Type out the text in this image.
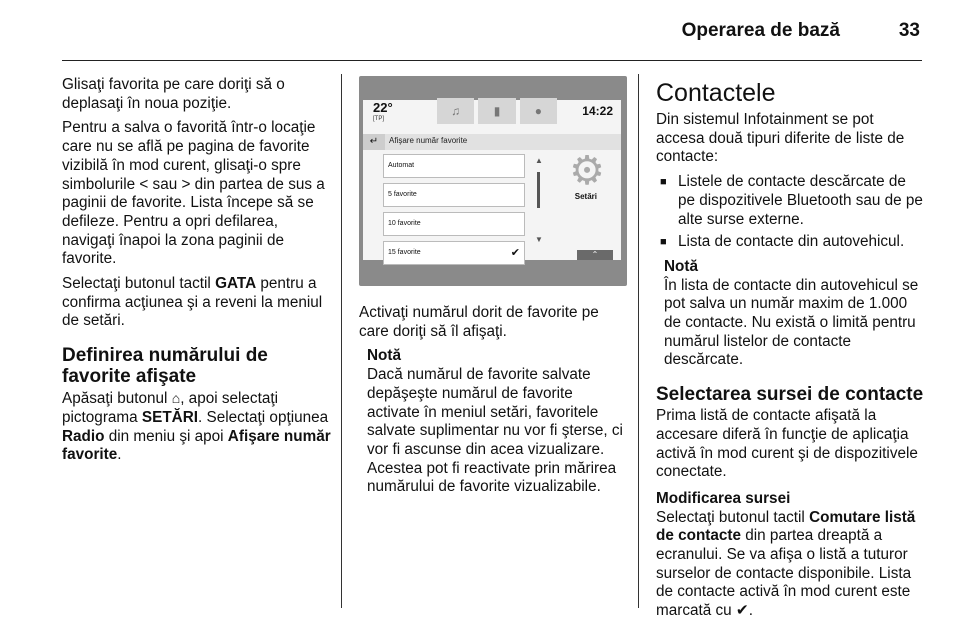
Operarea de bază	33

Glisaţi favorita pe care doriţi să o deplasaţi în noua poziţie.

Pentru a salva o favorită într-o locaţie care nu se află pe pagina de favorite vizibilă în mod curent, glisaţi-o spre simbolurile < sau > din partea de sus a paginii de favorite. Lista începe să se defileze. Pentru a opri defilarea, navigaţi înapoi la zona paginii de favorite.

Selectaţi butonul tactil GATA pentru a confirma acţiunea şi a reveni la meniul de setări.

Definirea numărului de favorite afişate

Apăsaţi butonul ⌂, apoi selectaţi pictograma SETĂRI. Selectaţi opţiunea Radio din meniu şi apoi Afişare număr favorite.

22°
[TP]
14:22
♫	▮	●
↵	Afişare număr favorite
Automat
5 favorite
10 favorite
15 favorite	✔
▲
▼
⚙
Setări
⌃

Activaţi numărul dorit de favorite pe care doriţi să îl afişaţi.

Notă
Dacă numărul de favorite salvate depăşeşte numărul de favorite activate în meniul setări, favoritele salvate suplimentar nu vor fi şterse, ci vor fi ascunse din acea vizualizare. Acestea pot fi reactivate prin mărirea numărului de favorite vizualizabile.
Contactele

Din sistemul Infotainment se pot accesa două tipuri diferite de liste de contacte:

■ Listele de contacte descărcate de pe dispozitivele Bluetooth sau de pe alte surse externe.
■ Lista de contacte din autovehicul.
Notă
În lista de contacte din autovehicul se pot salva un număr maxim de 1.000 de contacte. Nu există o limită pentru numărul listelor de contacte descărcate.
Selectarea sursei de contacte

Prima listă de contacte afişată la accesare diferă în funcţie de aplicaţia activă în mod curent şi de dispozitivele conectate.

Modificarea sursei

Selectaţi butonul tactil Comutare listă de contacte din partea dreaptă a ecranului. Se va afişa o listă a tuturor surselor de contacte disponibile. Lista de contacte activă în mod curent este marcată cu ✔.
